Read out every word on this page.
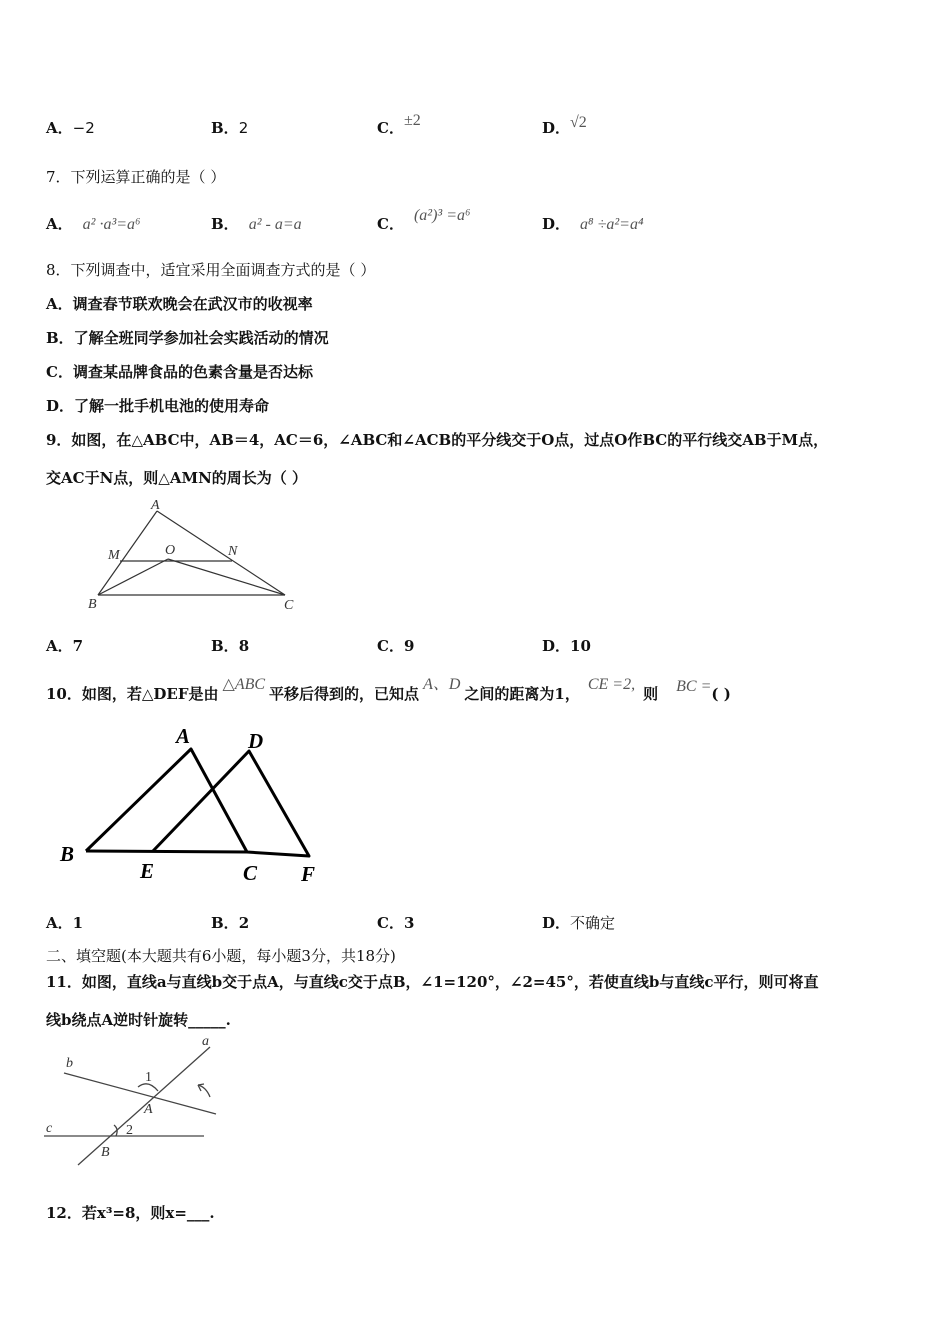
A．−2	B．2	C．±2	D．√2
7．下列运算正确的是（ ）
A． a² ·a³=a⁶	B． a² - a=a	C． (a²)³ =a⁶	D． a⁸ ÷a²=a⁴
8．下列调查中，适宜采用全面调查方式的是（ ）
A．调查春节联欢晚会在武汉市的收视率
B．了解全班同学参加社会实践活动的情况
C．调查某品牌食品的色素含量是否达标
D．了解一批手机电池的使用寿命
9．如图，在△ABC中，AB＝4，AC＝6，∠ABC和∠ACB的平分线交于O点，过点O作BC的平行线交AB于M点，
交AC于N点，则△AMN的周长为（ ）
A
M	O	N
B	C
A．7	B．8	C．9	D．10
10．如图，若△DEF是由△ABC平移后得到的，已知点A、D之间的距离为1，CE =2,则 BC =( )
A	D
B
E	C F
A．1	B．2	C．3	D．不确定
二、填空题(本大题共有6小题，每小题3分，共18分)
11．如图，直线a与直线b交于点A，与直线c交于点B，∠1=120°，∠2=45°，若使直线b与直线c平行，则可将直
线b绕点A逆时针旋转_____.
a
b
c
1
2
A
B
12．若x³=8，则x=___.
